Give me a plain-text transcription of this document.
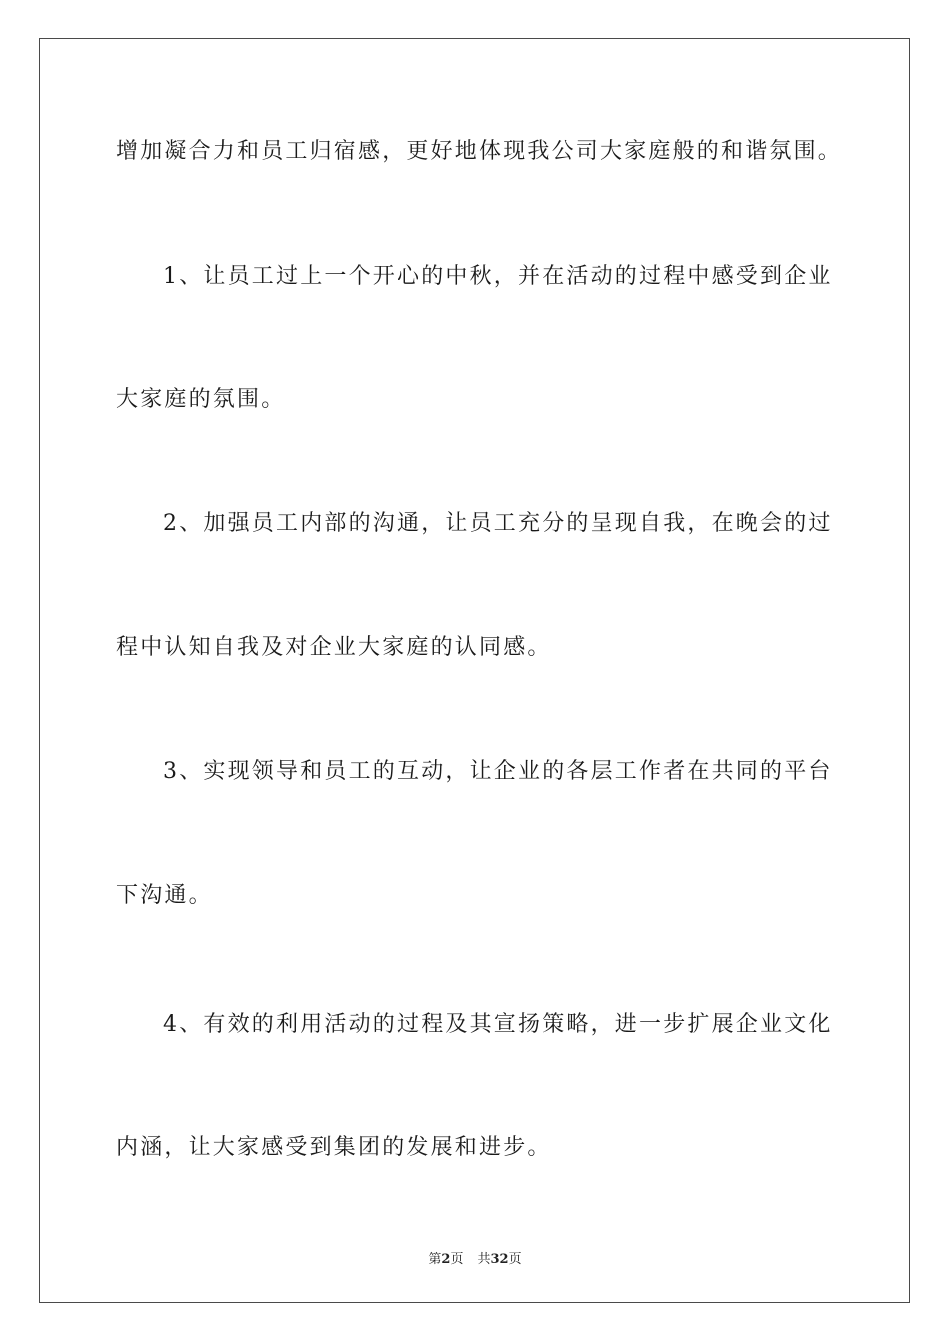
增加凝合力和员工归宿感，更好地体现我公司大家庭般的和谐氛围。
1、让员工过上一个开心的中秋，并在活动的过程中感受到企业
大家庭的氛围。
2、加强员工内部的沟通，让员工充分的呈现自我，在晚会的过
程中认知自我及对企业大家庭的认同感。
3、实现领导和员工的互动，让企业的各层工作者在共同的平台
下沟通。
4、有效的利用活动的过程及其宣扬策略，进一步扩展企业文化
内涵，让大家感受到集团的发展和进步。
第2页 共32页
